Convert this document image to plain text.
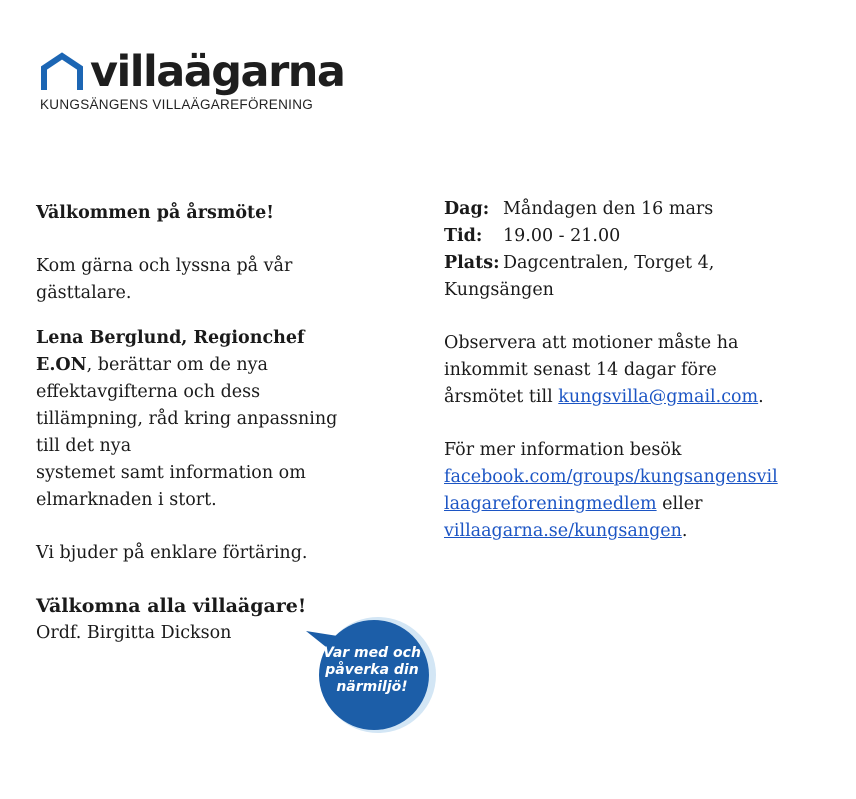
villaägarna
KUNGSÄNGENS VILLAÄGAREFÖRENING

Välkommen på årsmöte!

Kom gärna och lyssna på vår gästtalare.

Lena Berglund, Regionchef E.ON, berättar om de nya effektavgifterna och dess tillämpning, råd kring anpassning till det nya
systemet samt information om elmarknaden i stort.

Vi bjuder på enklare förtäring.

Välkomna alla villaägare!

Ordf. Birgitta Dickson

Dag: Måndagen den 16 mars
Tid:	19.00 - 21.00
Plats: Dagcentralen, Torget 4,

Kungsängen

Observera att motioner måste ha inkommit senast 14 dagar före årsmötet till kungsvilla@gmail.com.

För mer information besök
facebook.com/groups/kungsangensvil
laagareforeningmedlem eller
villaagarna.se/kungsangen.

Var med och
påverka din
närmiljö!
